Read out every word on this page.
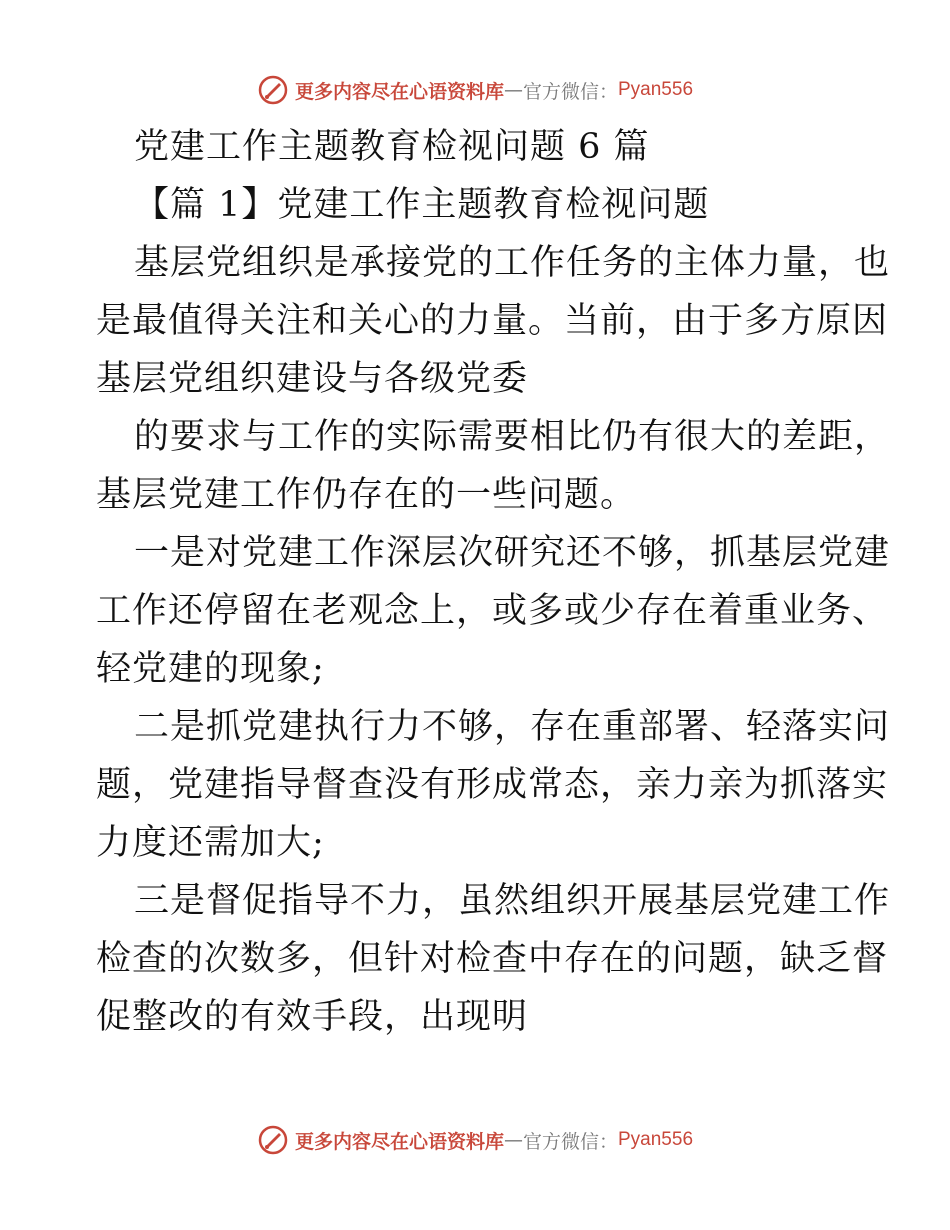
更多内容尽在心语资料库 — 官方微信： Pyan556
党建工作主题教育检视问题 6 篇
【篇 1】党建工作主题教育检视问题
基层党组织是承接党的工作任务的主体力量，也
是最值得关注和关心的力量。当前，由于多方原因
基层党组织建设与各级党委
的要求与工作的实际需要相比仍有很大的差距，
基层党建工作仍存在的一些问题。
一是对党建工作深层次研究还不够，抓基层党建
工作还停留在老观念上，或多或少存在着重业务、
轻党建的现象;
二是抓党建执行力不够，存在重部署、轻落实问
题，党建指导督查没有形成常态，亲力亲为抓落实
力度还需加大;
三是督促指导不力，虽然组织开展基层党建工作
检查的次数多，但针对检查中存在的问题，缺乏督
促整改的有效手段，出现明
更多内容尽在心语资料库 — 官方微信： Pyan556
